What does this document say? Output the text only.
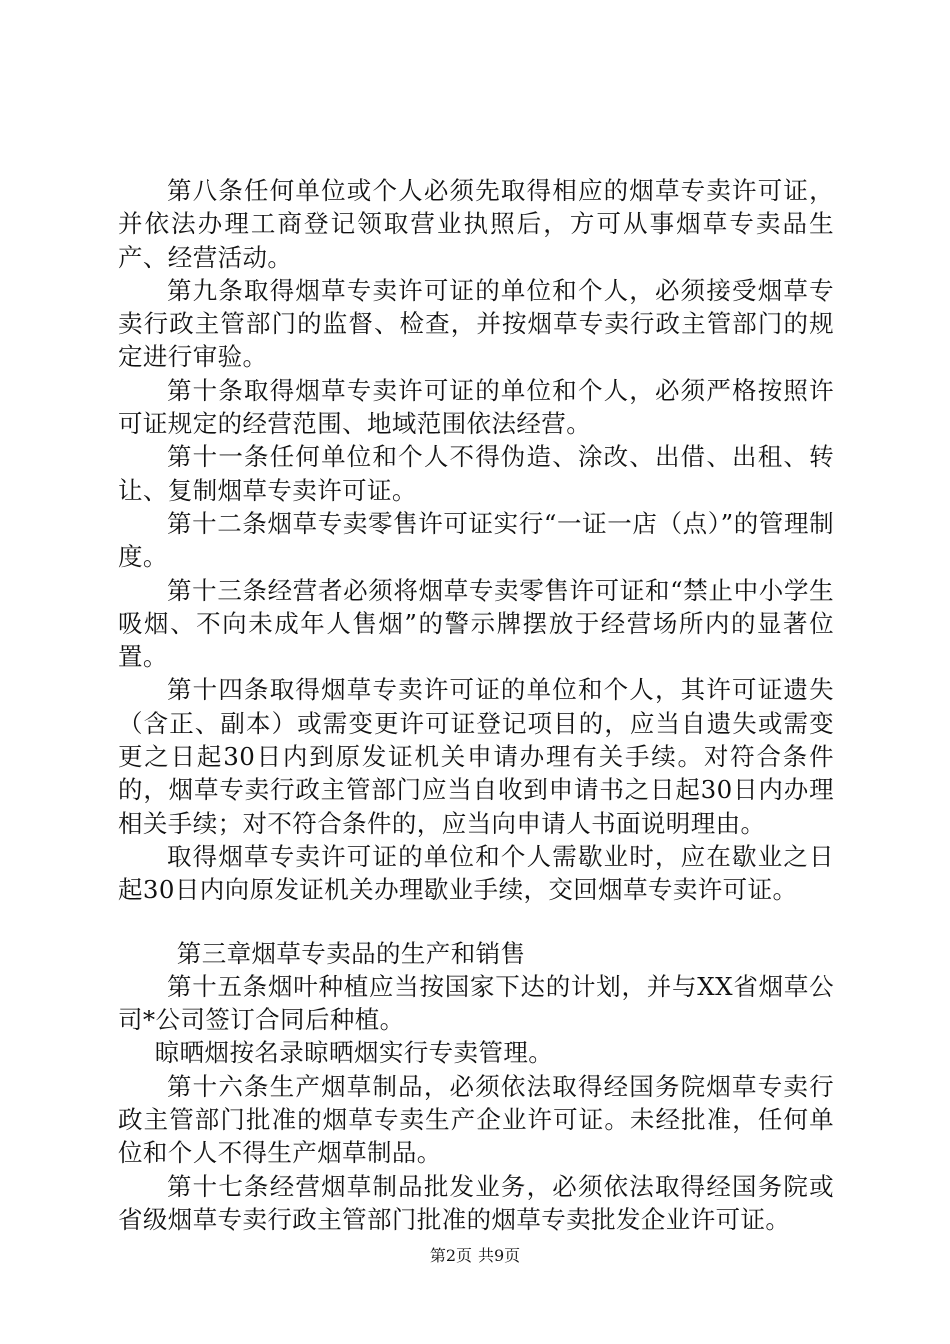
第八条任何单位或个人必须先取得相应的烟草专卖许可证，并依法办理工商登记领取营业执照后，方可从事烟草专卖品生产、经营活动。

第九条取得烟草专卖许可证的单位和个人，必须接受烟草专卖行政主管部门的监督、检查，并按烟草专卖行政主管部门的规定进行审验。

第十条取得烟草专卖许可证的单位和个人，必须严格按照许可证规定的经营范围、地域范围依法经营。

第十一条任何单位和个人不得伪造、涂改、出借、出租、转让、复制烟草专卖许可证。

第十二条烟草专卖零售许可证实行“一证一店（点）”的管理制度。

第十三条经营者必须将烟草专卖零售许可证和“禁止中小学生吸烟、不向未成年人售烟”的警示牌摆放于经营场所内的显著位置。

第十四条取得烟草专卖许可证的单位和个人，其许可证遗失（含正、副本）或需变更许可证登记项目的，应当自遗失或需变更之日起30日内到原发证机关申请办理有关手续。对符合条件的，烟草专卖行政主管部门应当自收到申请书之日起30日内办理相关手续；对不符合条件的，应当向申请人书面说明理由。

取得烟草专卖许可证的单位和个人需歇业时，应在歇业之日起30日内向原发证机关办理歇业手续，交回烟草专卖许可证。

第三章烟草专卖品的生产和销售

第十五条烟叶种植应当按国家下达的计划，并与XX省烟草公司*公司签订合同后种植。

晾晒烟按名录晾晒烟实行专卖管理。

第十六条生产烟草制品，必须依法取得经国务院烟草专卖行政主管部门批准的烟草专卖生产企业许可证。未经批准，任何单位和个人不得生产烟草制品。

第十七条经营烟草制品批发业务，必须依法取得经国务院或省级烟草专卖行政主管部门批准的烟草专卖批发企业许可证。

第2页 共9页
